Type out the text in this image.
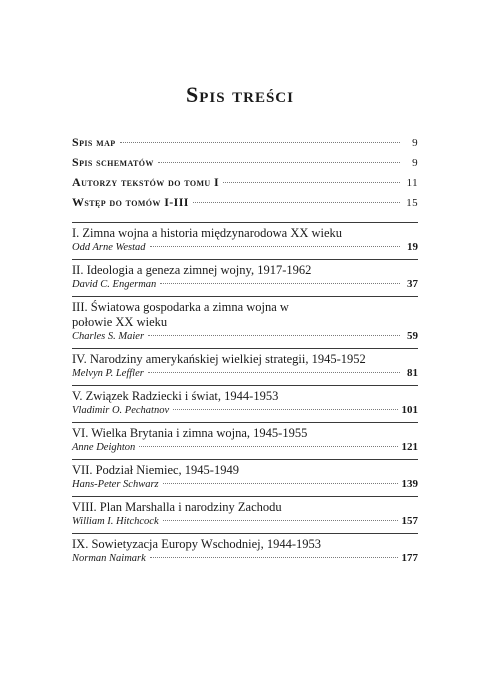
Spis treści
Spis map	9
Spis schematów	9
Autorzy tekstów do tomu I	11
Wstęp do tomów I-III	15
I. Zimna wojna a historia międzynarodowa XX wieku
Odd Arne Westad	19
II. Ideologia a geneza zimnej wojny, 1917-1962
David C. Engerman	37
III. Światowa gospodarka a zimna wojna w połowie XX wieku
Charles S. Maier	59
IV. Narodziny amerykańskiej wielkiej strategii, 1945-1952
Melvyn P. Leffler	81
V. Związek Radziecki i świat, 1944-1953
Vladimir O. Pechatnov	101
VI. Wielka Brytania i zimna wojna, 1945-1955
Anne Deighton	121
VII. Podział Niemiec, 1945-1949
Hans-Peter Schwarz	139
VIII. Plan Marshalla i narodziny Zachodu
William I. Hitchcock	157
IX. Sowietyzacja Europy Wschodniej, 1944-1953
Norman Naimark	177
